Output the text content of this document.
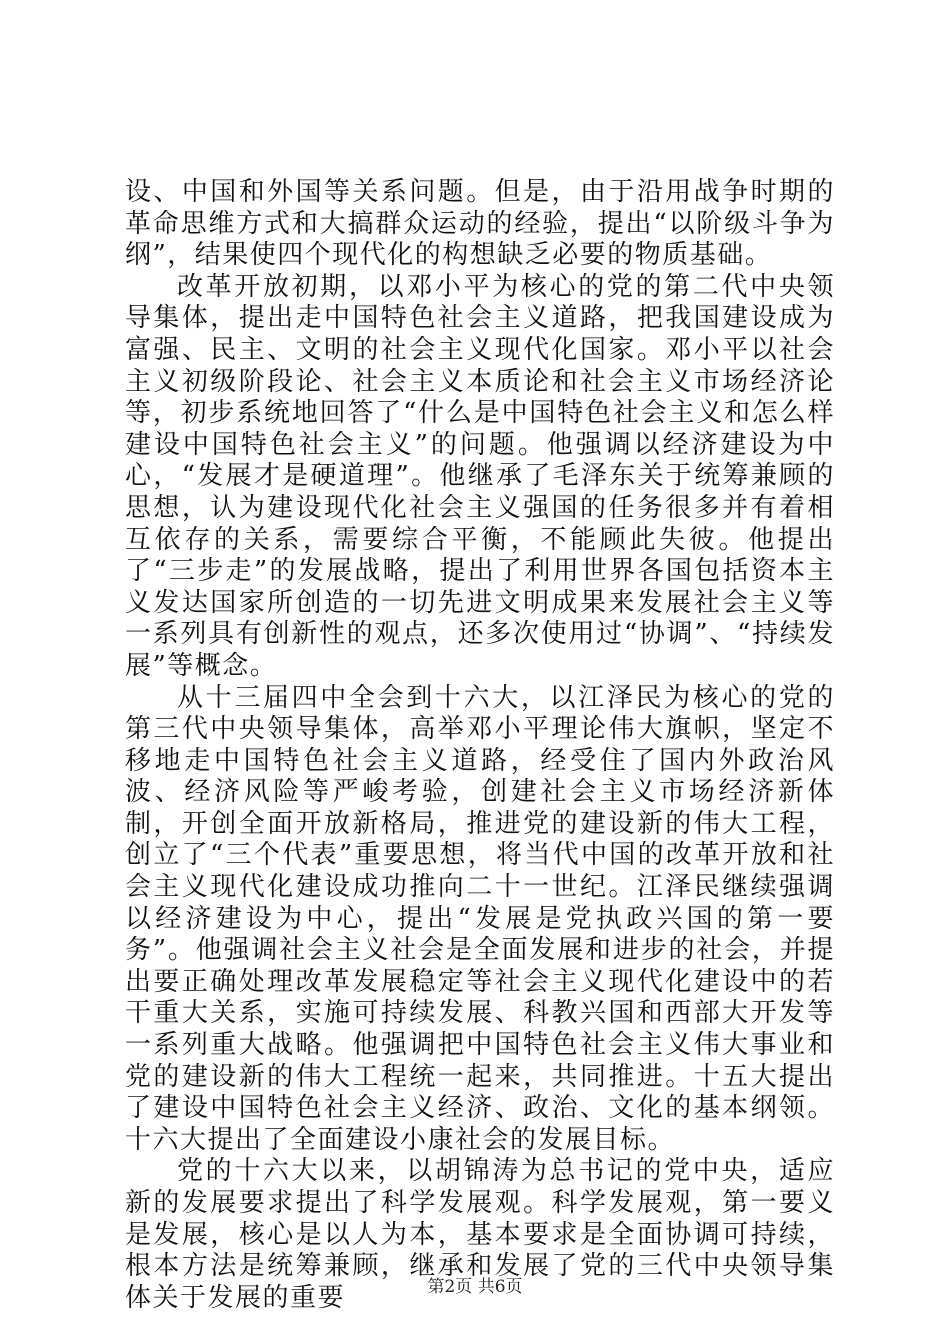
设、中国和外国等关系问题。但是，由于沿用战争时期的革命思维方式和大搞群众运动的经验，提出“以阶级斗争为纲”，结果使四个现代化的构想缺乏必要的物质基础。

改革开放初期，以邓小平为核心的党的第二代中央领导集体，提出走中国特色社会主义道路，把我国建设成为富强、民主、文明的社会主义现代化国家。邓小平以社会主义初级阶段论、社会主义本质论和社会主义市场经济论等，初步系统地回答了“什么是中国特色社会主义和怎么样建设中国特色社会主义”的问题。他强调以经济建设为中心，“发展才是硬道理”。他继承了毛泽东关于统筹兼顾的思想，认为建设现代化社会主义强国的任务很多并有着相互依存的关系，需要综合平衡，不能顾此失彼。他提出了“三步走”的发展战略，提出了利用世界各国包括资本主义发达国家所创造的一切先进文明成果来发展社会主义等一系列具有创新性的观点，还多次使用过“协调”、“持续发展”等概念。

从十三届四中全会到十六大，以江泽民为核心的党的第三代中央领导集体，高举邓小平理论伟大旗帜，坚定不移地走中国特色社会主义道路，经受住了国内外政治风波、经济风险等严峻考验，创建社会主义市场经济新体制，开创全面开放新格局，推进党的建设新的伟大工程，创立了“三个代表”重要思想，将当代中国的改革开放和社会主义现代化建设成功推向二十一世纪。江泽民继续强调以经济建设为中心，提出“发展是党执政兴国的第一要务”。他强调社会主义社会是全面发展和进步的社会，并提出要正确处理改革发展稳定等社会主义现代化建设中的若干重大关系，实施可持续发展、科教兴国和西部大开发等一系列重大战略。他强调把中国特色社会主义伟大事业和党的建设新的伟大工程统一起来，共同推进。十五大提出了建设中国特色社会主义经济、政治、文化的基本纲领。十六大提出了全面建设小康社会的发展目标。

党的十六大以来，以胡锦涛为总书记的党中央，适应新的发展要求提出了科学发展观。科学发展观，第一要义是发展，核心是以人为本，基本要求是全面协调可持续，根本方法是统筹兼顾，继承和发展了党的三代中央领导集体关于发展的重要	第2页 共6页
